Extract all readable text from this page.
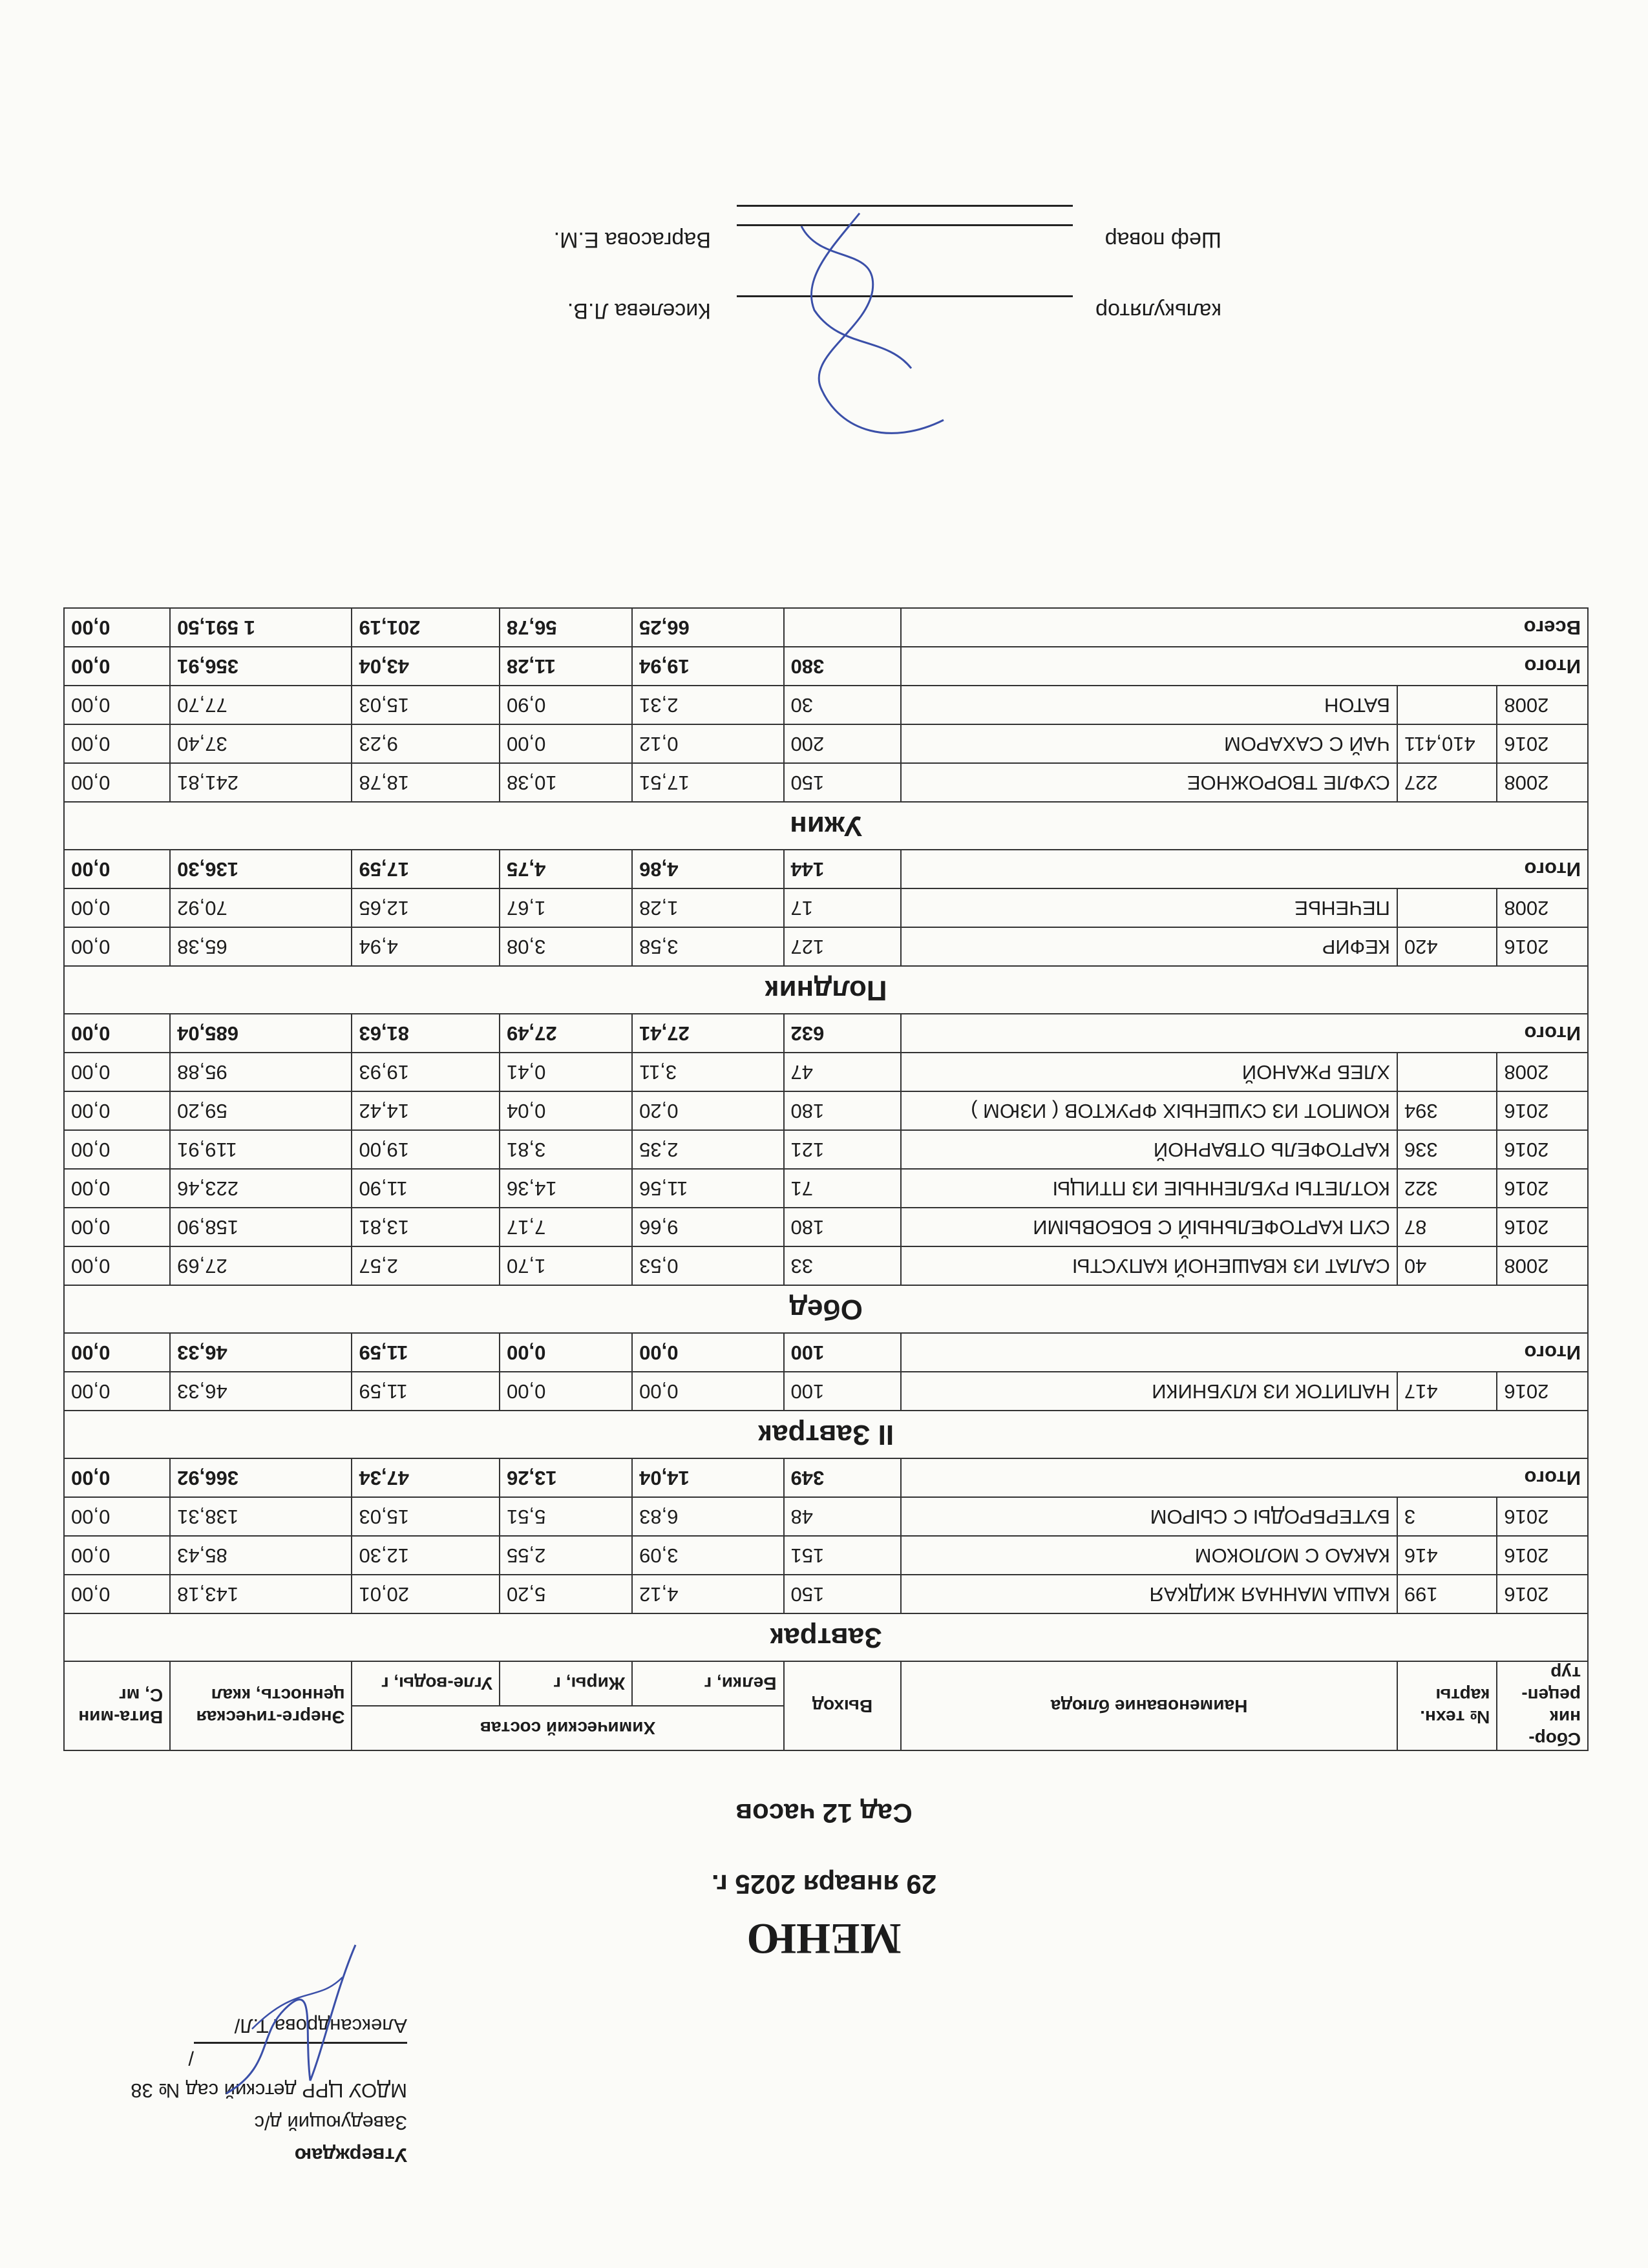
Утверждаю
Заведующий д/с
МДОУ ЦРР детский сад № 38
/Александрова Т.Л/
МЕНЮ
29 января 2025 г.
Сад 12 часов
Сбор-ник рецеп-тур	№ техн. карты	Наименование блюда	Выход	Химический состав			Энерге-тическая ценность, ккал	Вита-мин С, мг
				Белки, г	Жиры, г	Угле-воды, г		
Завтрак								
2016	199	КАША МАННАЯ ЖИДКАЯ	150	4,12	5,20	20,01	143,18	0,00
2016	416	КАКАО С МОЛОКОМ	151	3,09	2,55	12,30	85,43	0,00
2016	3	БУТЕРБРОДЫ С СЫРОМ	48	6,83	5,51	15,03	138,31	0,00
Итого			349	14,04	13,26	47,34	366,92	0,00
II Завтрак								
2016	417	НАПИТОК ИЗ КЛУБНИКИ	100	0,00	0,00	11,59	46,33	0,00
Итого			100	0,00	0,00	11,59	46,33	0,00
Обед								
2008	40	САЛАТ ИЗ КВАШЕНОЙ КАПУСТЫ	33	0,53	1,70	2,57	27,69	0,00
2016	87	СУП КАРТОФЕЛЬНЫЙ С БОБОВЫМИ	180	9,66	7,17	13,81	158,90	0,00
2016	322	КОТЛЕТЫ РУБЛЕННЫЕ ИЗ ПТИЦЫ	71	11,56	14,36	11,90	223,46	0,00
2016	336	КАРТОФЕЛЬ ОТВАРНОЙ	121	2,35	3,81	19,00	119,91	0,00
2016	394	КОМПОТ ИЗ СУШЕНЫХ ФРУКТОВ ( ИЗЮМ )	180	0,20	0,04	14,42	59,20	0,00
2008		ХЛЕБ РЖАНОЙ	47	3,11	0,41	19,93	95,88	0,00
Итого			632	27,41	27,49	81,63	685,04	0,00
Полдник								
2016	420	КЕФИР	127	3,58	3,08	4,94	65,38	0,00
2008		ПЕЧЕНЬЕ	17	1,28	1,67	12,65	70,92	0,00
Итого			144	4,86	4,75	17,59	136,30	0,00
Ужин								
2008	227	СУФЛЕ ТВОРОЖНОЕ	150	17,51	10,38	18,78	241,81	0,00
2016	410,411	ЧАЙ С САХАРОМ	200	0,12	0,00	9,23	37,40	0,00
2008		БАТОН	30	2,31	0,90	15,03	77,70	0,00
Итого			380	19,94	11,28	43,04	356,91	0,00
Всего				66,25	56,78	201,19	1 591,50	0,00
калькулятор
Киселева Л.В.
Шеф повар
Варгасова Е.М.
